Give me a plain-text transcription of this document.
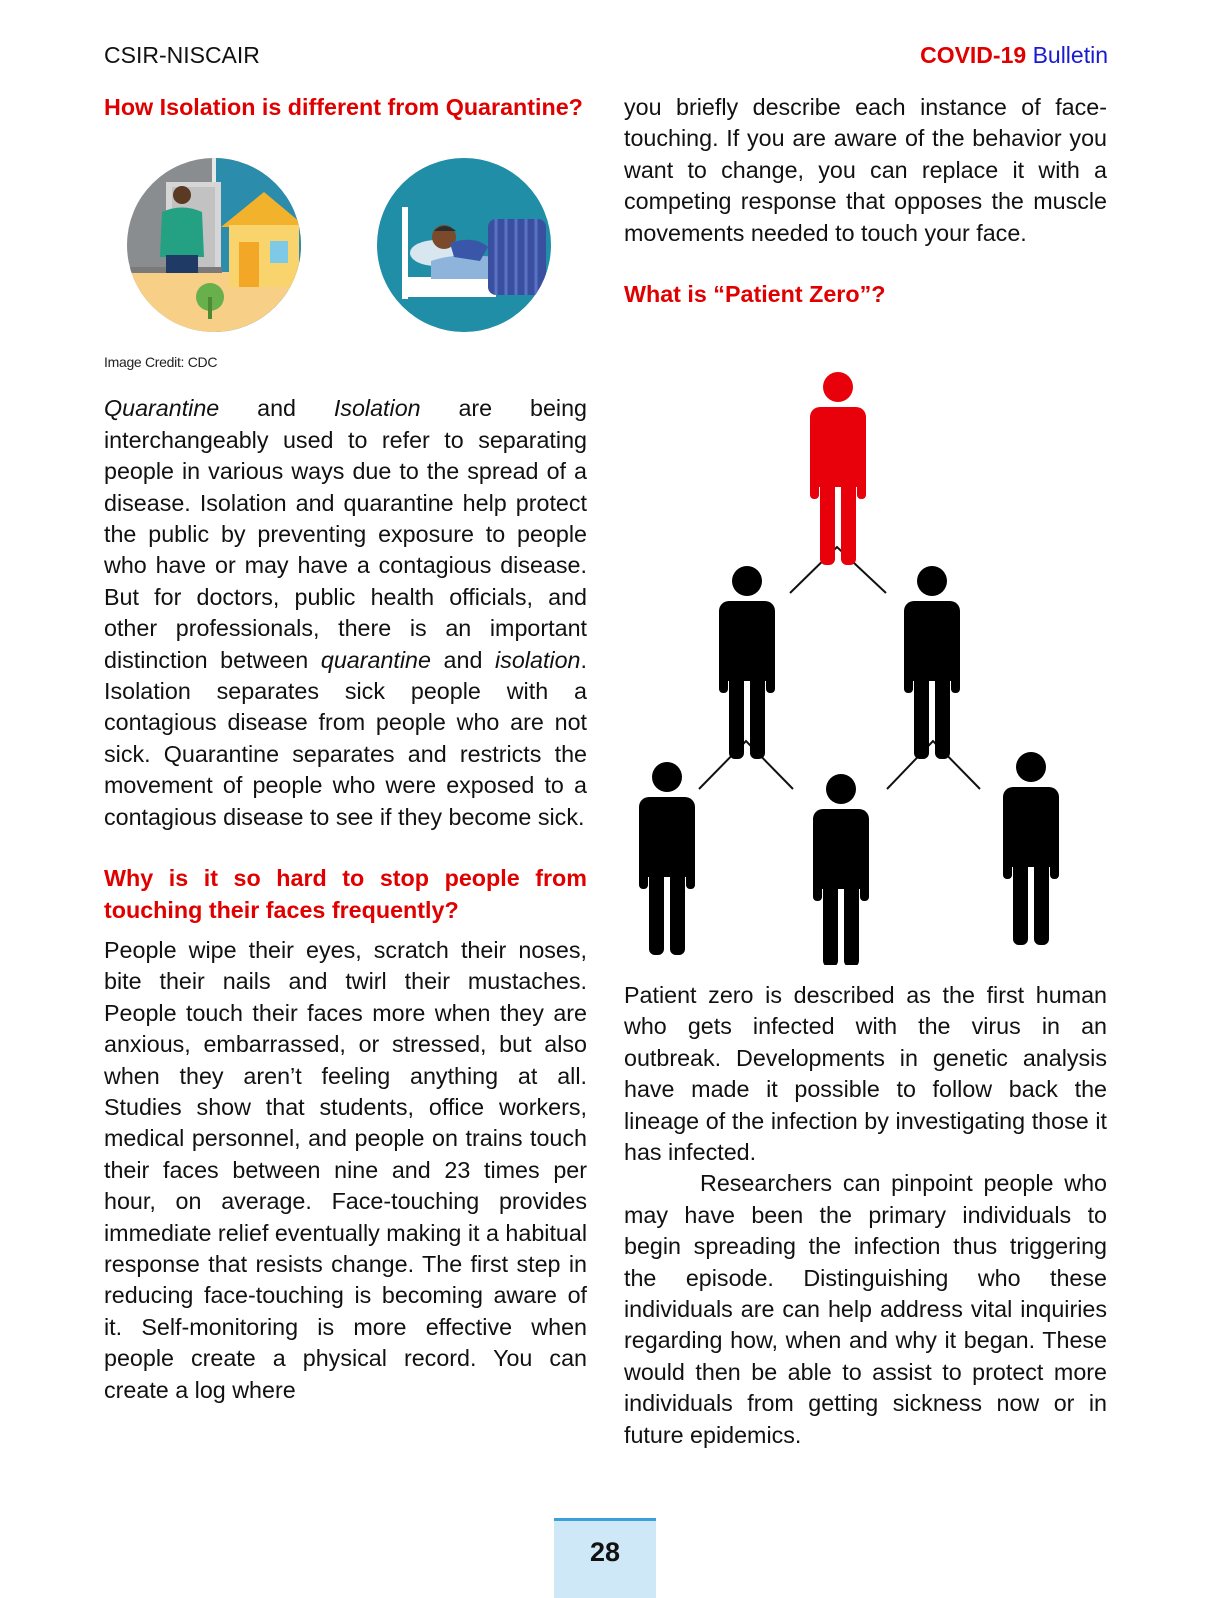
CSIR-NISCAIR	COVID-19 Bulletin

How Isolation is different from Quarantine?

Image Credit: CDC

Quarantine and Isolation are being interchangeably used to refer to separating people in various ways due to the spread of a disease. Isolation and quarantine help protect the public by preventing exposure to people who have or may have a contagious disease. But for doctors, public health officials, and other professionals, there is an important distinction between quarantine and isolation. Isolation separates sick people with a contagious disease from people who are not sick. Quarantine separates and restricts the movement of people who were exposed to a contagious disease to see if they become sick.

Why is it so hard to stop people from touching their faces frequently?

People wipe their eyes, scratch their noses, bite their nails and twirl their mustaches. People touch their faces more when they are anxious, embarrassed, or stressed, but also when they aren’t feeling anything at all. Studies show that students, office workers, medical personnel, and people on trains touch their faces between nine and 23 times per hour, on average. Face-touching provides immediate relief eventually making it a habitual response that resists change. The first step in reducing face-touching is becoming aware of it. Self-monitoring is more effective when people create a physical record. You can create a log where

you briefly describe each instance of face-touching. If you are aware of the behavior you want to change, you can replace it with a competing response that opposes the muscle movements needed to touch your face.

What is “Patient Zero”?

Patient zero is described as the first human who gets infected with the virus in an outbreak. Developments in genetic analysis have made it possible to follow back the lineage of the infection by investigating those it has infected.

Researchers can pinpoint people who may have been the primary individuals to begin spreading the infection thus triggering the episode. Distinguishing who these individuals are can help address vital inquiries regarding how, when and why it began. These would then be able to assist to protect more individuals from getting sickness now or in future epidemics.

28
